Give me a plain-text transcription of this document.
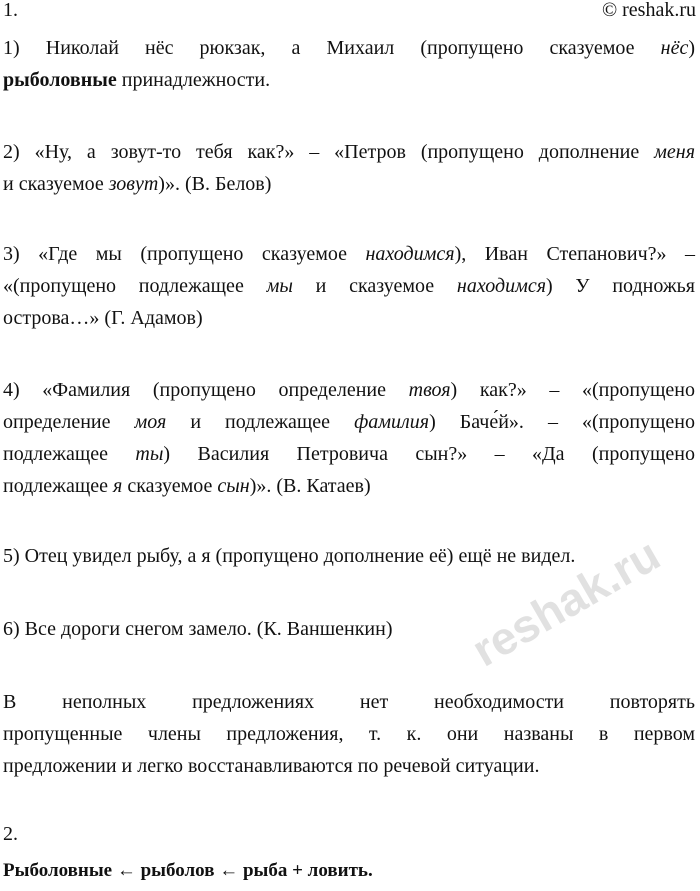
1.	© reshak.ru
1) Николай нёс рюкзак, а Михаил (пропущено сказуемое нёс)
рыболовные принадлежности.
2) «Ну, а зовут-то тебя как?» – «Петров (пропущено дополнение меня
и сказуемое зовут)». (В. Белов)
3) «Где мы (пропущено сказуемое находимся), Иван Степанович?» –
«(пропущено подлежащее мы и сказуемое находимся) У подножья
острова…» (Г. Адамов)
4) «Фамилия (пропущено определение твоя) как?» – «(пропущено
определение моя и подлежащее фамилия) Баче́й». – «(пропущено
подлежащее ты) Василия Петровича сын?» – «Да (пропущено
подлежащее я сказуемое сын)». (В. Катаев)
5) Отец увидел рыбу, а я (пропущено дополнение её) ещё не видел.
6) Все дороги снегом замело. (К. Ваншенкин)	reshak.ru
В неполных предложениях нет необходимости повторять
пропущенные члены предложения, т. к. они названы в первом
предложении и легко восстанавливаются по речевой ситуации.
2.
Рыболовные ← рыболов ← рыба + ловить.
